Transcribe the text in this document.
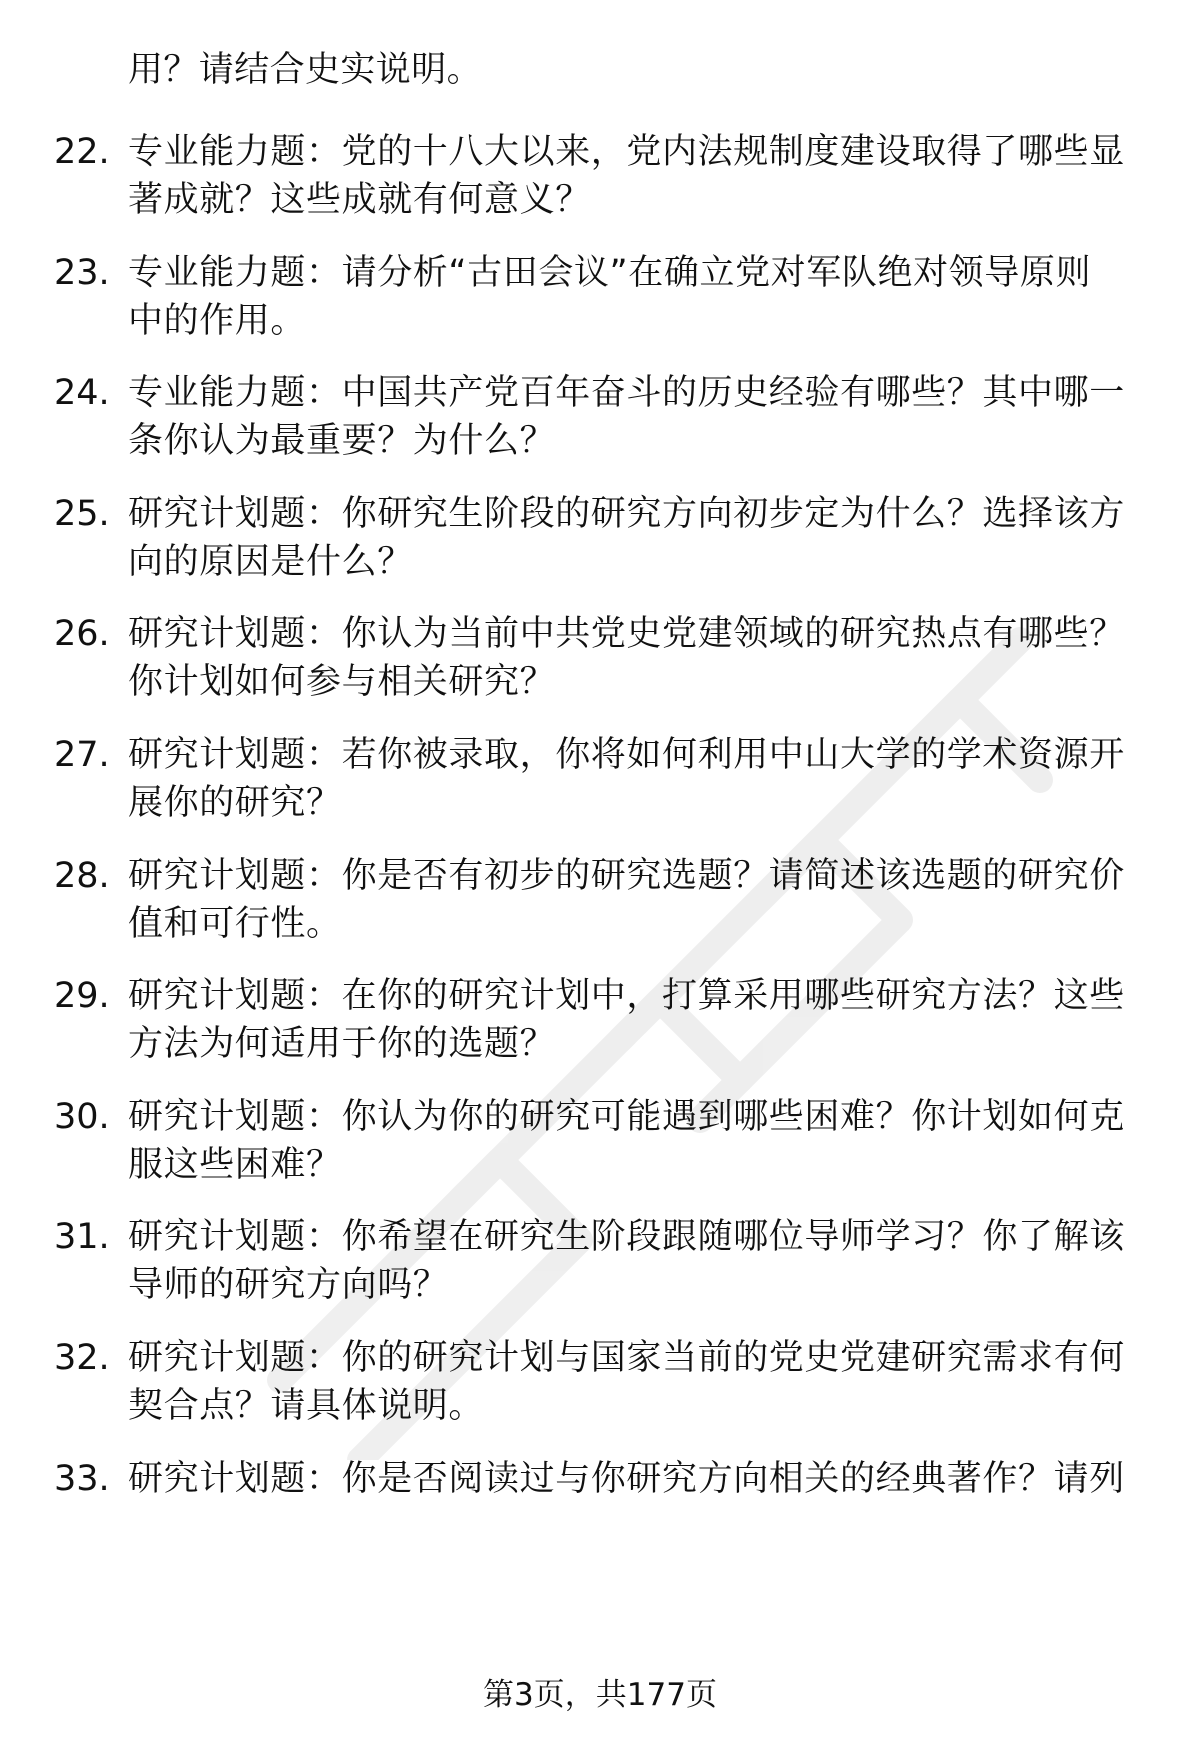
用？请结合史实说明。
22. 专业能力题：党的十八大以来，党内法规制度建设取得了哪些显
著成就？这些成就有何意义？
23. 专业能力题：请分析“古田会议”在确立党对军队绝对领导原则
中的作用。
24. 专业能力题：中国共产党百年奋斗的历史经验有哪些？其中哪一
条你认为最重要？为什么？
25. 研究计划题：你研究生阶段的研究方向初步定为什么？选择该方
向的原因是什么？
26. 研究计划题：你认为当前中共党史党建领域的研究热点有哪些？
你计划如何参与相关研究？
27. 研究计划题：若你被录取，你将如何利用中山大学的学术资源开
展你的研究？
28. 研究计划题：你是否有初步的研究选题？请简述该选题的研究价
值和可行性。
29. 研究计划题：在你的研究计划中，打算采用哪些研究方法？这些
方法为何适用于你的选题？
30. 研究计划题：你认为你的研究可能遇到哪些困难？你计划如何克
服这些困难？
31. 研究计划题：你希望在研究生阶段跟随哪位导师学习？你了解该
导师的研究方向吗？
32. 研究计划题：你的研究计划与国家当前的党史党建研究需求有何
契合点？请具体说明。
33. 研究计划题：你是否阅读过与你研究方向相关的经典著作？请列
第3页，共177页
